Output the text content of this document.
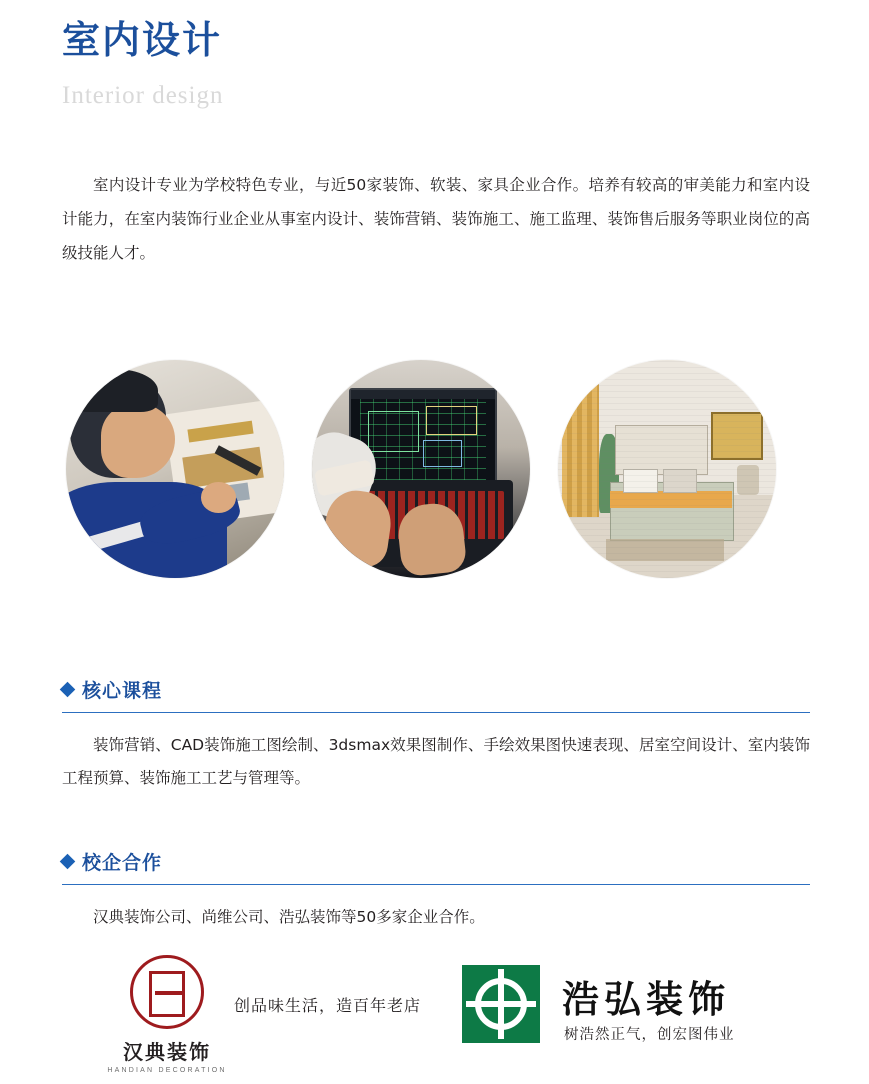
室内设计
Interior design
室内设计专业为学校特色专业，与近50家装饰、软装、家具企业合作。培养有较高的审美能力和室内设计能力，在室内装饰行业企业从事室内设计、装饰营销、装饰施工、施工监理、装饰售后服务等职业岗位的高级技能人才。
核心课程
装饰营销、CAD装饰施工图绘制、3dsmax效果图制作、手绘效果图快速表现、居室空间设计、室内装饰工程预算、装饰施工工艺与管理等。
校企合作
汉典装饰公司、尚维公司、浩弘装饰等50多家企业合作。
汉典装饰
HANDIAN DECORATION
创品味生活，造百年老店	浩弘装饰
树浩然正气，创宏图伟业
